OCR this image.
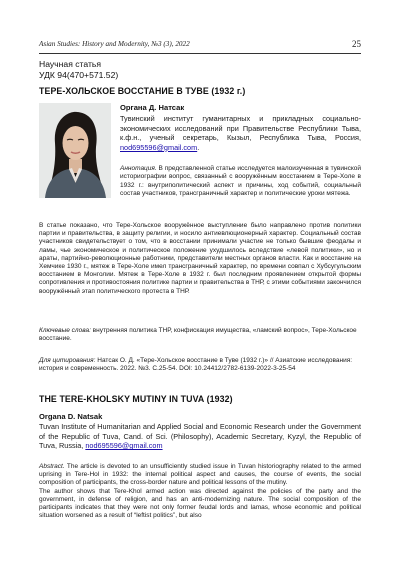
Asian Studies: History and Modernity, №3 (3), 2022	25
Научная статья
УДК 94(470+571.52)
ТЕРЕ-ХОЛЬСКОЕ ВОССТАНИЕ В ТУВЕ (1932 г.)
Органа Д. Натсак
Тувинский институт гуманитарных и прикладных социально-экономических исследований при Правительстве Республики Тыва, к.ф.н., ученый секретарь, Кызыл, Республика Тыва, Россия, nod695596@gmail.com.
Аннотация. В представленной статье исследуется малоизученная в тувинской историографии вопрос, связанный с вооружённым восстанием в Тере-Холе в 1932 г.: внутриполитический аспект и причины, ход событий, социальный состав участников, трансграничный характер и политические уроки мятежа.
В статье показано, что Тере-Хольское вооружённое выступление было направлено против политики партии и правительства, в защиту религии, и носило антиевлюционерный характер. Социальный состав участников свидетельствует о том, что в восстании принимали участие не только бывшие феодалы и ламы, чье экономическое и политическое положение ухудшилось вследствие «левой политики», но и араты, партийно-революционные работники, представители местных органов власти. Как и восстание на Хемчике 1930 г., мятеж в Тере-Холе имел трансграничный характер, по времени совпал с Хубсугульским восстанием в Монголии. Мятеж в Тере-Холе в 1932 г. был последним проявлением открытой формы сопротивления и противостояния политике партии и правительства в ТНР, с этими событиями закончился вооружённый этап политического протеста в ТНР.
Ключевые слова: внутренняя политика ТНР, конфискация имущества, «ламский вопрос», Тере-Хольское восстание.
Для цитирования: Натсак О. Д. «Тере-Хольское восстание в Туве (1932 г.)» // Азиатские исследования: история и современность. 2022. №3. С.25-54. DOI: 10.24412/2782-6139-2022-3-25-54
THE TERE-KHOLSKY MUTINY IN TUVA (1932)
Organa D. Natsak
Tuvan Institute of Humanitarian and Applied Social and Economic Research under the Government of the Republic of Tuva, Cand. of Sci. (Philosophy), Academic Secretary, Kyzyl, the Republic of Tuva, Russia, nod695596@gmail.com
Abstract. The article is devoted to an unsufficiently studied issue in Tuvan historiography related to the armed uprising in Tere-Hol in 1932: the internal political aspect and causes, the course of events, the social composition of participants, the cross-border nature and political lessons of the mutiny.
The author shows that Tere-Khol armed action was directed against the policies of the party and the government, in defense of religion, and has an anti-modernizing nature. The social composition of the participants indicates that they were not only former feudal lords and lamas, whose economic and political situation worsened as a result of “leftist politics”, but also
